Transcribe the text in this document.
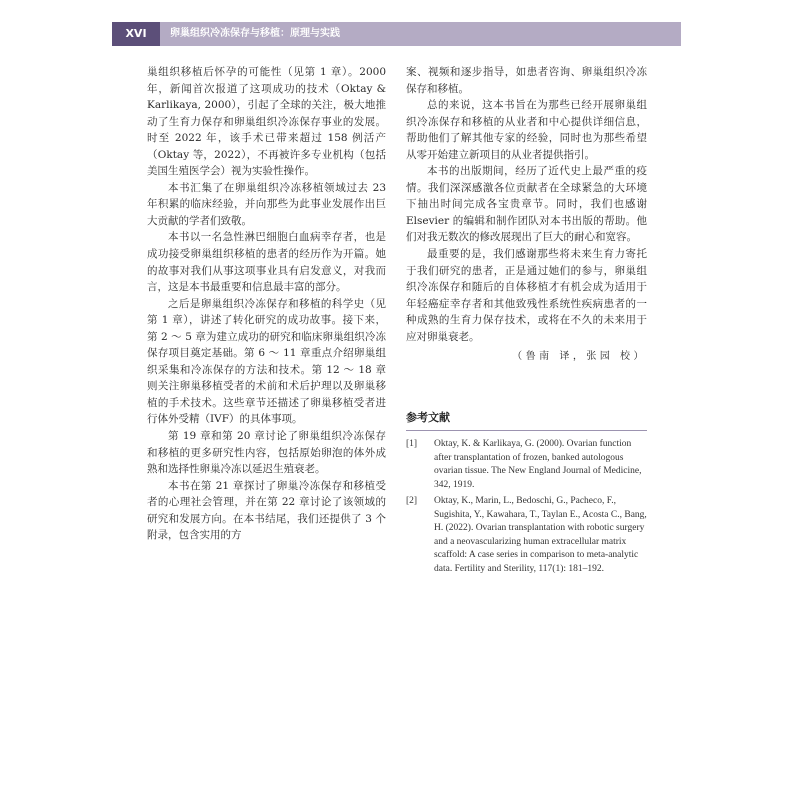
XVI	卵巢组织冷冻保存与移植：原理与实践

巢组织移植后怀孕的可能性（见第 1 章）。2000 年，新闻首次报道了这项成功的技术（Oktay & Karlikaya, 2000），引起了全球的关注，极大地推动了生育力保存和卵巢组织冷冻保存事业的发展。时至 2022 年，该手术已带来超过 158 例活产（Oktay 等，2022），不再被许多专业机构（包括美国生殖医学会）视为实验性操作。

本书汇集了在卵巢组织冷冻移植领域过去 23 年积累的临床经验，并向那些为此事业发展作出巨大贡献的学者们致敬。

本书以一名急性淋巴细胞白血病幸存者，也是成功接受卵巢组织移植的患者的经历作为开篇。她的故事对我们从事这项事业具有启发意义，对我而言，这是本书最重要和信息最丰富的部分。

之后是卵巢组织冷冻保存和移植的科学史（见第 1 章），讲述了转化研究的成功故事。接下来，第 2 ～ 5 章为建立成功的研究和临床卵巢组织冷冻保存项目奠定基础。第 6 ～ 11 章重点介绍卵巢组织采集和冷冻保存的方法和技术。第 12 ～ 18 章则关注卵巢移植受者的术前和术后护理以及卵巢移植的手术技术。这些章节还描述了卵巢移植受者进行体外受精（IVF）的具体事项。

第 19 章和第 20 章讨论了卵巢组织冷冻保存和移植的更多研究性内容，包括原始卵泡的体外成熟和选择性卵巢冷冻以延迟生殖衰老。

本书在第 21 章探讨了卵巢冷冻保存和移植受者的心理社会管理，并在第 22 章讨论了该领域的研究和发展方向。在本书结尾，我们还提供了 3 个附录，包含实用的方

案、视频和逐步指导，如患者咨询、卵巢组织冷冻保存和移植。

总的来说，这本书旨在为那些已经开展卵巢组织冷冻保存和移植的从业者和中心提供详细信息，帮助他们了解其他专家的经验，同时也为那些希望从零开始建立新项目的从业者提供指引。

本书的出版期间，经历了近代史上最严重的疫情。我们深深感激各位贡献者在全球紧急的大环境下抽出时间完成各宝贵章节。同时，我们也感谢 Elsevier 的编辑和制作团队对本书出版的帮助。他们对我无数次的修改展现出了巨大的耐心和宽容。

最重要的是，我们感谢那些将未来生育力寄托于我们研究的患者，正是通过她们的参与，卵巢组织冷冻保存和随后的自体移植才有机会成为适用于年轻癌症幸存者和其他致残性系统性疾病患者的一种成熟的生育力保存技术，或将在不久的未来用于应对卵巢衰老。

（鲁南 译，张园 校）

参考文献

[1]	Oktay, K. & Karlikaya, G. (2000). Ovarian function after transplantation of frozen, banked autologous ovarian tissue. The New England Journal of Medicine, 342, 1919.
[2]	Oktay, K., Marin, L., Bedoschi, G., Pacheco, F., Sugishita, Y., Kawahara, T., Taylan E., Acosta C., Bang, H. (2022). Ovarian transplantation with robotic surgery and a neovascularizing human extracellular matrix scaffold: A case series in comparison to meta-analytic data. Fertility and Sterility, 117(1): 181–192.
